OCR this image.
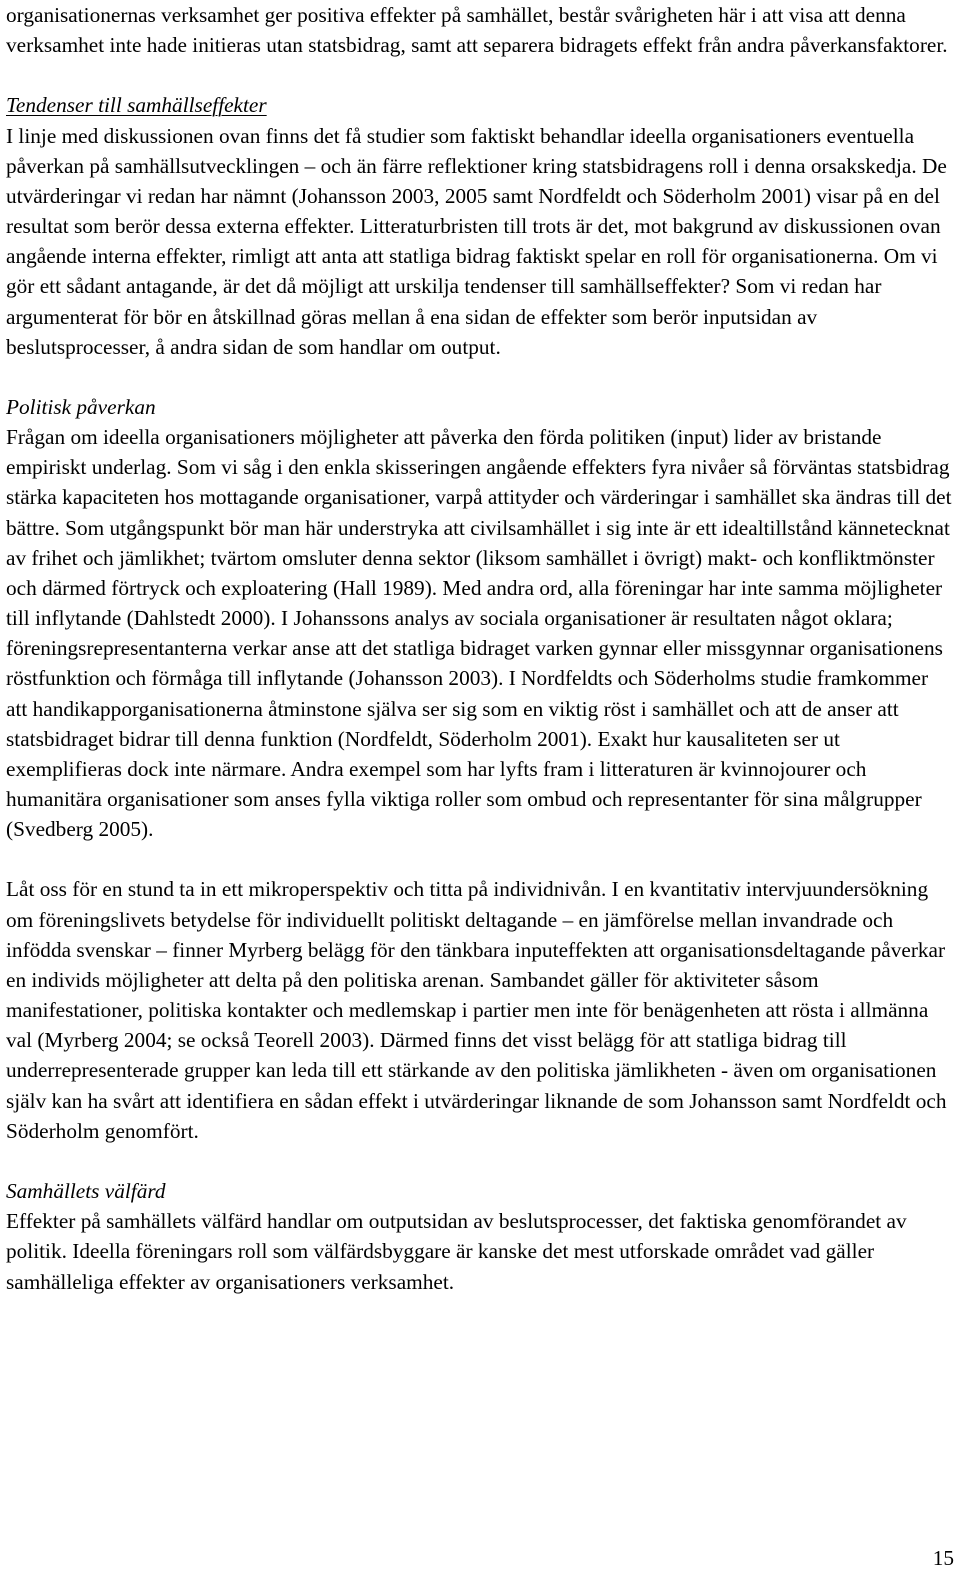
organisationernas verksamhet ger positiva effekter på samhället, består svårigheten här i att visa att denna verksamhet inte hade initieras utan statsbidrag, samt att separera bidragets effekt från andra påverkansfaktorer.

Tendenser till samhällseffekter

I linje med diskussionen ovan finns det få studier som faktiskt behandlar ideella organisationers eventuella påverkan på samhällsutvecklingen – och än färre reflektioner kring statsbidragens roll i denna orsakskedja. De utvärderingar vi redan har nämnt (Johansson 2003, 2005 samt Nordfeldt och Söderholm 2001) visar på en del resultat som berör dessa externa effekter. Litteraturbristen till trots är det, mot bakgrund av diskussionen ovan angående interna effekter, rimligt att anta att statliga bidrag faktiskt spelar en roll för organisationerna. Om vi gör ett sådant antagande, är det då möjligt att urskilja tendenser till samhällseffekter? Som vi redan har argumenterat för bör en åtskillnad göras mellan å ena sidan de effekter som berör inputsidan av beslutsprocesser, å andra sidan de som handlar om output.

Politisk påverkan

Frågan om ideella organisationers möjligheter att påverka den förda politiken (input) lider av bristande empiriskt underlag. Som vi såg i den enkla skisseringen angående effekters fyra nivåer så förväntas statsbidrag stärka kapaciteten hos mottagande organisationer, varpå attityder och värderingar i samhället ska ändras till det bättre. Som utgångspunkt bör man här understryka att civilsamhället i sig inte är ett idealtillstånd kännetecknat av frihet och jämlikhet; tvärtom omsluter denna sektor (liksom samhället i övrigt) makt- och konfliktmönster och därmed förtryck och exploatering (Hall 1989). Med andra ord, alla föreningar har inte samma möjligheter till inflytande (Dahlstedt 2000). I Johanssons analys av sociala organisationer är resultaten något oklara; föreningsrepresentanterna verkar anse att det statliga bidraget varken gynnar eller missgynnar organisationens röstfunktion och förmåga till inflytande (Johansson 2003). I Nordfeldts och Söderholms studie framkommer att handikapporganisationerna åtminstone själva ser sig som en viktig röst i samhället och att de anser att statsbidraget bidrar till denna funktion (Nordfeldt, Söderholm 2001). Exakt hur kausaliteten ser ut exemplifieras dock inte närmare. Andra exempel som har lyfts fram i litteraturen är kvinnojourer och humanitära organisationer som anses fylla viktiga roller som ombud och representanter för sina målgrupper (Svedberg 2005).

Låt oss för en stund ta in ett mikroperspektiv och titta på individnivån. I en kvantitativ intervjuundersökning om föreningslivets betydelse för individuellt politiskt deltagande – en jämförelse mellan invandrade och infödda svenskar – finner Myrberg belägg för den tänkbara inputeffekten att organisationsdeltagande påverkar en individs möjligheter att delta på den politiska arenan. Sambandet gäller för aktiviteter såsom manifestationer, politiska kontakter och medlemskap i partier men inte för benägenheten att rösta i allmänna val (Myrberg 2004; se också Teorell 2003). Därmed finns det visst belägg för att statliga bidrag till underrepresenterade grupper kan leda till ett stärkande av den politiska jämlikheten - även om organisationen själv kan ha svårt att identifiera en sådan effekt i utvärderingar liknande de som Johansson samt Nordfeldt och Söderholm genomfört.

Samhällets välfärd

Effekter på samhällets välfärd handlar om outputsidan av beslutsprocesser, det faktiska genomförandet av politik. Ideella föreningars roll som välfärdsbyggare är kanske det mest utforskade området vad gäller samhälleliga effekter av organisationers verksamhet.

15
